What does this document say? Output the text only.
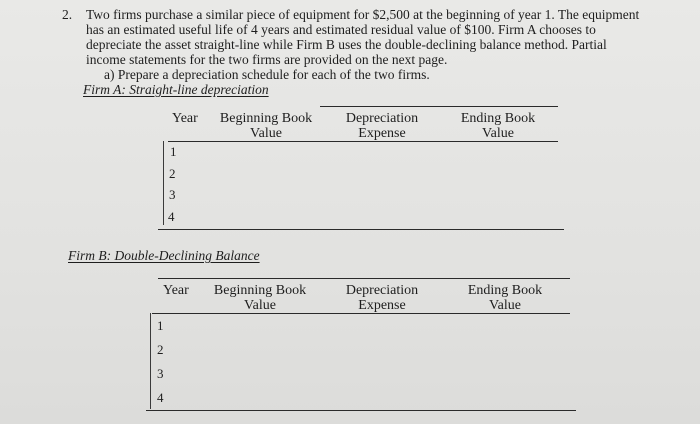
2. Two firms purchase a similar piece of equipment for $2,500 at the beginning of year 1. The equipment
has an estimated useful life of 4 years and estimated residual value of $100. Firm A chooses to
depreciate the asset straight-line while Firm B uses the double-declining balance method. Partial
income statements for the two firms are provided on the next page.
a) Prepare a depreciation schedule for each of the two firms.
Firm A: Straight-line depreciation
Year Beginning Book
Value
Depreciation
Expense
Ending Book
Value
1
2
3
4
Firm B: Double-Declining Balance
Year Beginning Book
Value
Depreciation
Expense
Ending Book
Value
1
2
3
4
